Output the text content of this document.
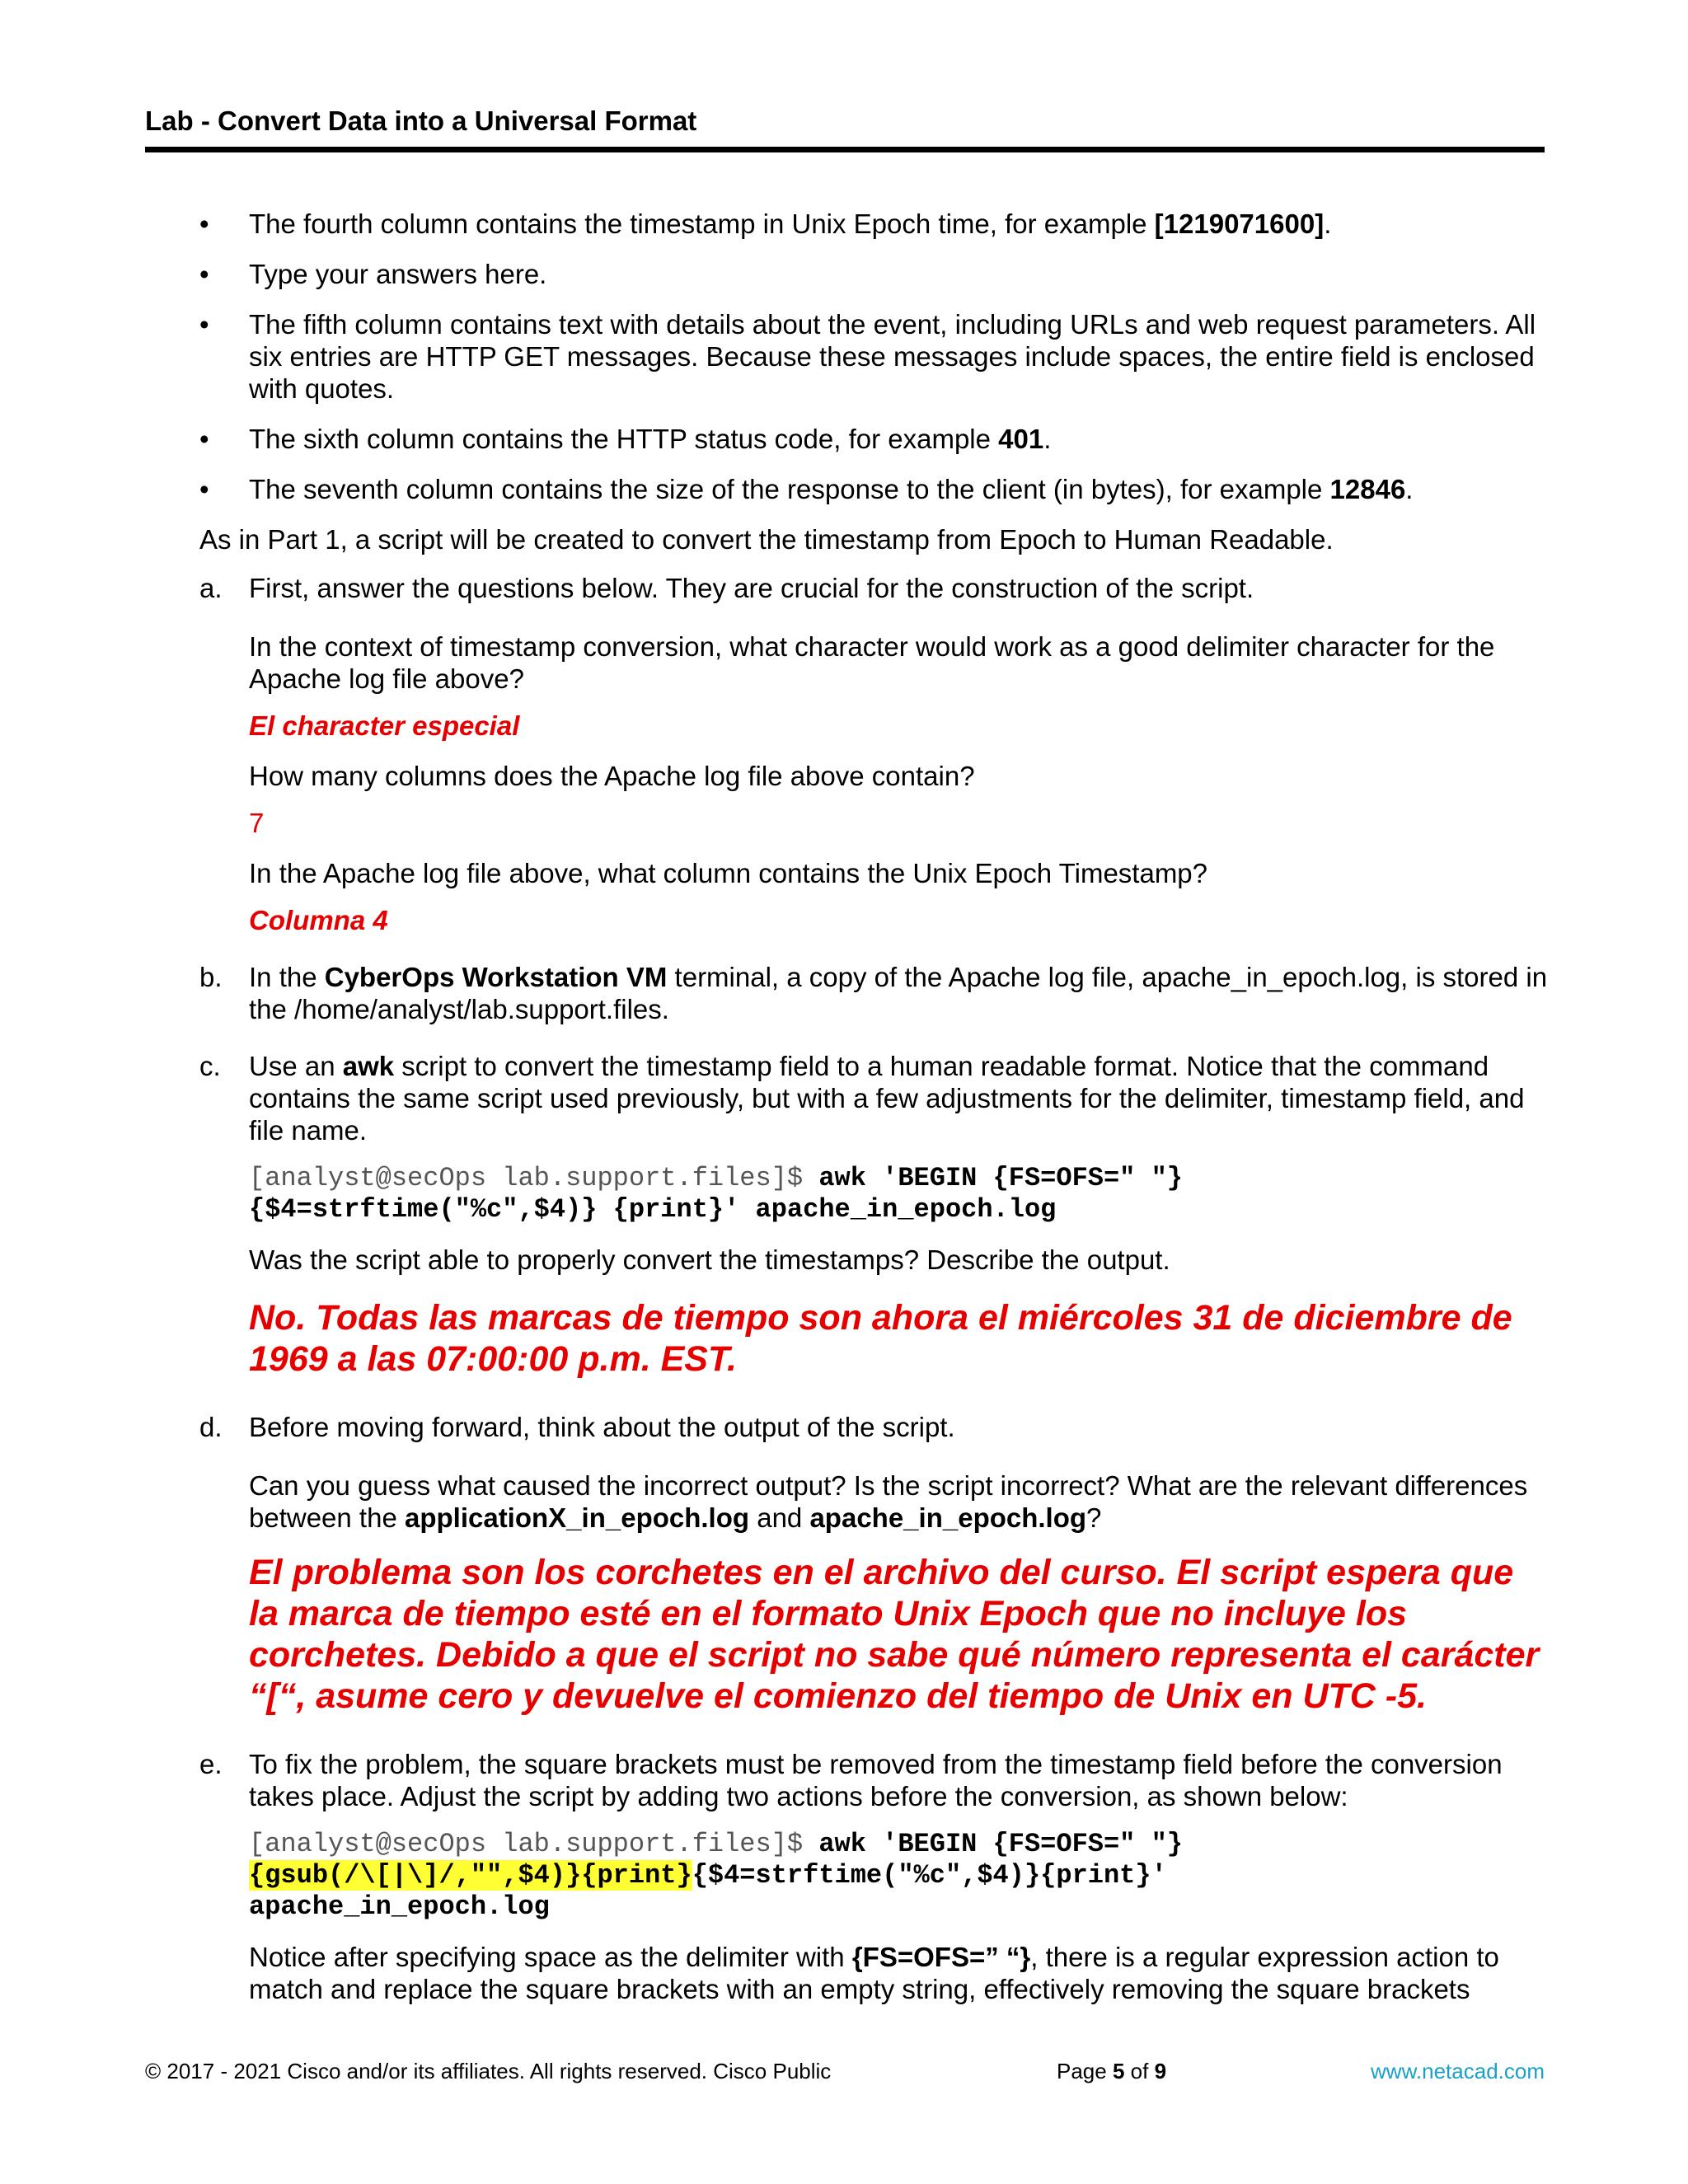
Lab - Convert Data into a Universal Format

•	The fourth column contains the timestamp in Unix Epoch time, for example [1219071600].

•	Type your answers here.

•	The fifth column contains text with details about the event, including URLs and web request parameters. All six entries are HTTP GET messages. Because these messages include spaces, the entire field is enclosed with quotes.

•	The sixth column contains the HTTP status code, for example 401.

•	The seventh column contains the size of the response to the client (in bytes), for example 12846.

As in Part 1, a script will be created to convert the timestamp from Epoch to Human Readable.

a. First, answer the questions below. They are crucial for the construction of the script.

In the context of timestamp conversion, what character would work as a good delimiter character for the Apache log file above?

El character especial

How many columns does the Apache log file above contain?

7

In the Apache log file above, what column contains the Unix Epoch Timestamp?

Columna 4

b. In the CyberOps Workstation VM terminal, a copy of the Apache log file, apache_in_epoch.log, is stored in the /home/analyst/lab.support.files.

c. Use an awk script to convert the timestamp field to a human readable format. Notice that the command contains the same script used previously, but with a few adjustments for the delimiter, timestamp field, and file name.

[analyst@secOps lab.support.files]$ awk 'BEGIN {FS=OFS=" "}
{$4=strftime("%c",$4)} {print}' apache_in_epoch.log

Was the script able to properly convert the timestamps? Describe the output.

No. Todas las marcas de tiempo son ahora el miércoles 31 de diciembre de 1969 a las 07:00:00 p.m. EST.

d. Before moving forward, think about the output of the script.

Can you guess what caused the incorrect output? Is the script incorrect? What are the relevant differences between the applicationX_in_epoch.log and apache_in_epoch.log?

El problema son los corchetes en el archivo del curso. El script espera que la marca de tiempo esté en el formato Unix Epoch que no incluye los corchetes. Debido a que el script no sabe qué número representa el carácter “[“, asume cero y devuelve el comienzo del tiempo de Unix en UTC -5.

e. To fix the problem, the square brackets must be removed from the timestamp field before the conversion takes place. Adjust the script by adding two actions before the conversion, as shown below:

[analyst@secOps lab.support.files]$ awk 'BEGIN {FS=OFS=" "}
{gsub(/\[|\]/,"",$4)}{print}{$4=strftime("%c",$4)}{print}'
apache_in_epoch.log

Notice after specifying space as the delimiter with {FS=OFS=” “}, there is a regular expression action to match and replace the square brackets with an empty string, effectively removing the square brackets

© 2017 - 2021 Cisco and/or its affiliates. All rights reserved. Cisco Public	Page 5 of 9	www.netacad.com
